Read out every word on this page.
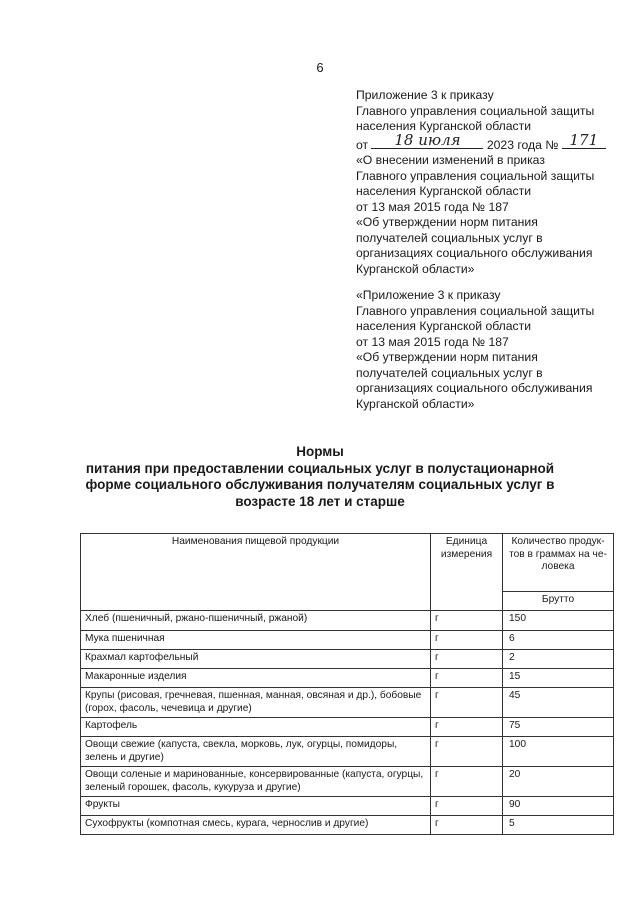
6
Приложение 3 к приказу
Главного управления социальной защиты
населения Курганской области
от	18 июля	2023 года № 171
«О внесении изменений в приказ
Главного управления социальной защиты
населения Курганской области
от 13 мая 2015 года № 187
«Об утверждении норм питания
получателей социальных услуг в
организациях социального обслуживания
Курганской области»
«Приложение 3 к приказу
Главного управления социальной защиты
населения Курганской области
от 13 мая 2015 года № 187
«Об утверждении норм питания
получателей социальных услуг в
организациях социального обслуживания
Курганской области»
Нормы
питания при предоставлении социальных услуг в полустационарной форме социального обслуживания получателям социальных услуг в возрасте 18 лет и старше
Наименования пищевой продукции	Единица измерения	Количество продук-тов в граммах на че-ловека
		Брутто
Хлеб (пшеничный, ржано-пшеничный, ржаной)	г	150
Мука пшеничная	г	6
Крахмал картофельный	г	2
Макаронные изделия	г	15
Крупы (рисовая, гречневая, пшенная, манная, овсяная и др.), бобовые (горох, фасоль, чечевица и другие)	г	45
Картофель	г	75
Овощи свежие (капуста, свекла, морковь, лук, огурцы, помидоры, зелень и другие)	г	100
Овощи соленые и маринованные, консервированные (капуста, огурцы, зеленый горошек, фасоль, кукуруза и другие)	г	20
Фрукты	г	90
Сухофрукты (компотная смесь, курага, чернослив и другие)	г	5
